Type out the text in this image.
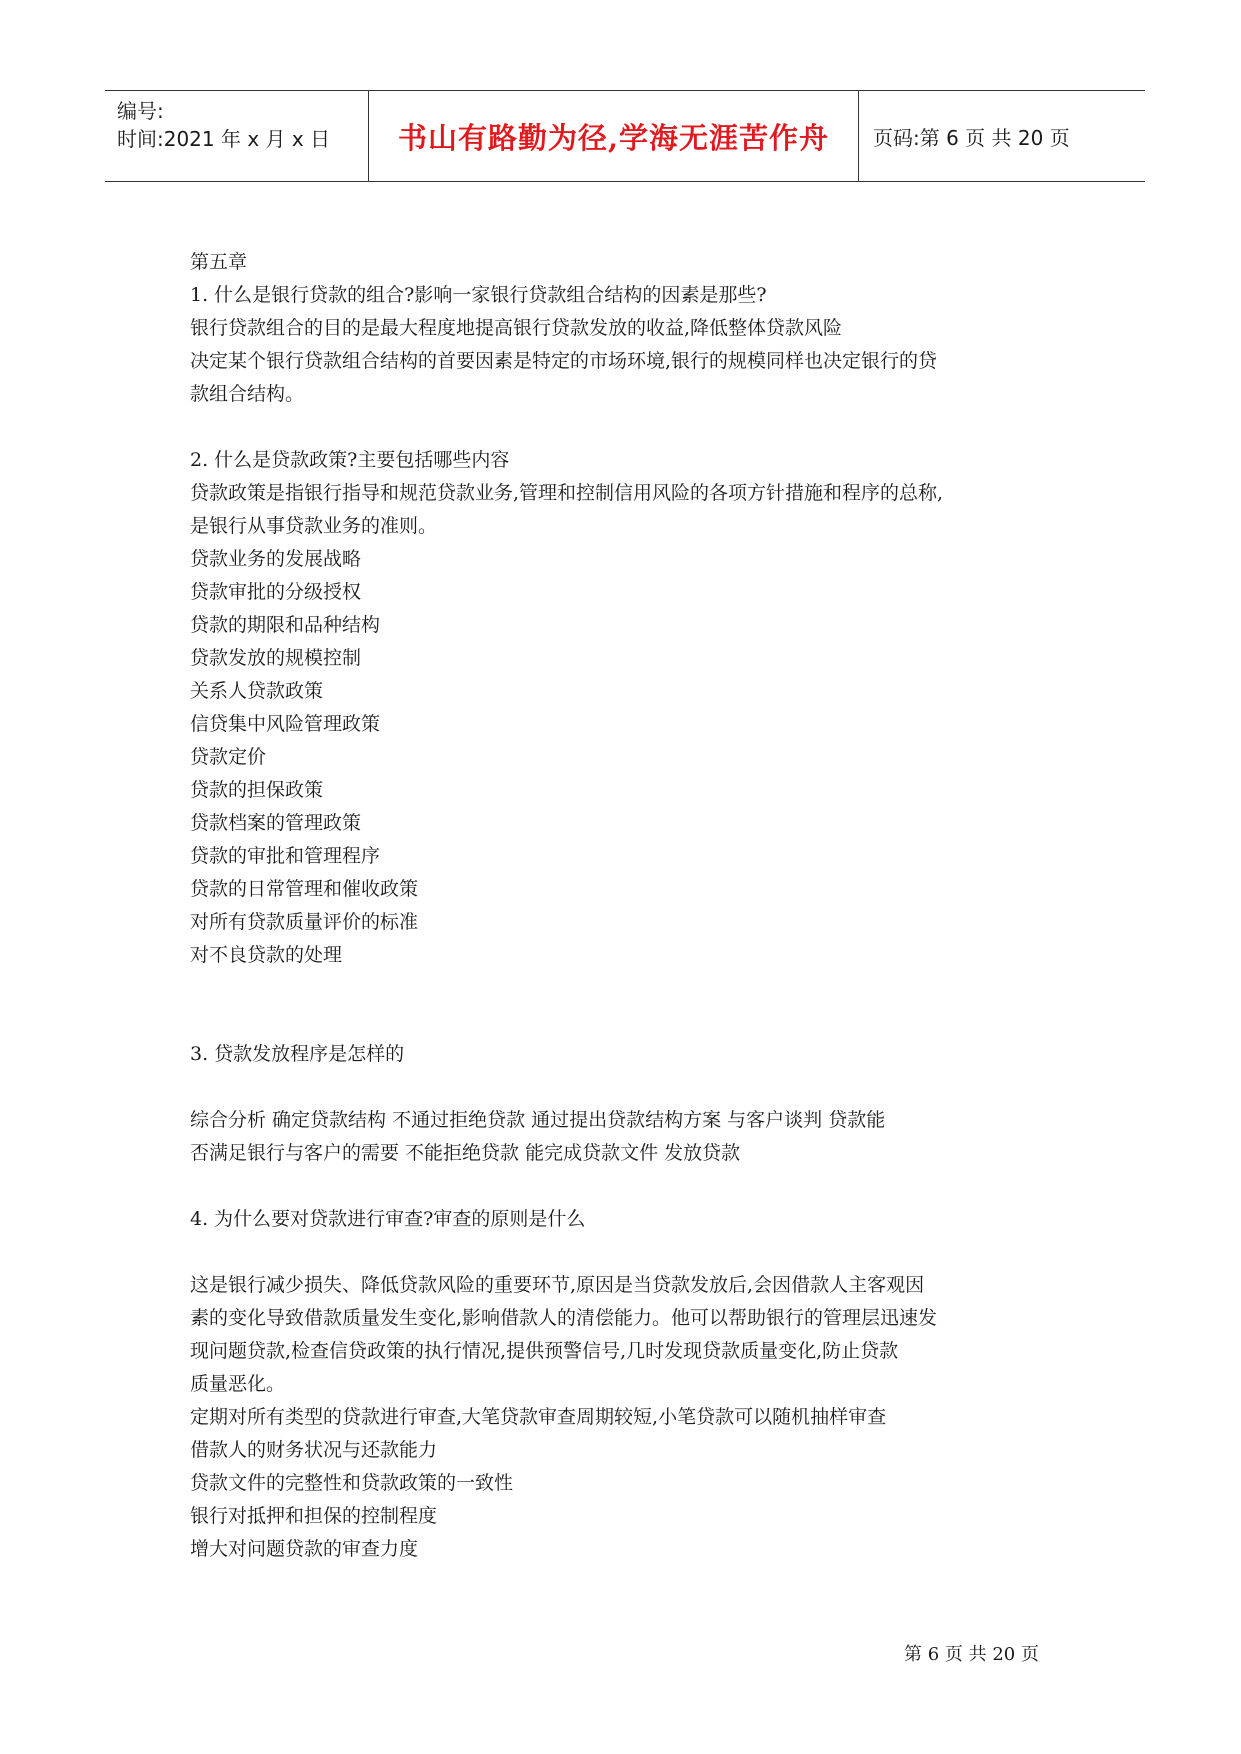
编号:
时间:2021 年 x 月 x 日 书山有路勤为径,学海无涯苦作舟 页码:第 6 页 共 20 页
第五章
1. 什么是银行贷款的组合?影响一家银行贷款组合结构的因素是那些?
银行贷款组合的目的是最大程度地提高银行贷款发放的收益,降低整体贷款风险
决定某个银行贷款组合结构的首要因素是特定的市场环境,银行的规模同样也决定银行的贷
款组合结构。
2. 什么是贷款政策?主要包括哪些内容
贷款政策是指银行指导和规范贷款业务,管理和控制信用风险的各项方针措施和程序的总称,
是银行从事贷款业务的准则。
贷款业务的发展战略
贷款审批的分级授权
贷款的期限和品种结构
贷款发放的规模控制
关系人贷款政策
信贷集中风险管理政策
贷款定价
贷款的担保政策
贷款档案的管理政策
贷款的审批和管理程序
贷款的日常管理和催收政策
对所有贷款质量评价的标准
对不良贷款的处理
3. 贷款发放程序是怎样的
综合分析 确定贷款结构 不通过拒绝贷款 通过提出贷款结构方案 与客户谈判 贷款能
否满足银行与客户的需要 不能拒绝贷款 能完成贷款文件 发放贷款
4. 为什么要对贷款进行审查?审查的原则是什么
这是银行减少损失、降低贷款风险的重要环节,原因是当贷款发放后,会因借款人主客观因
素的变化导致借款质量发生变化,影响借款人的清偿能力。他可以帮助银行的管理层迅速发
现问题贷款,检查信贷政策的执行情况,提供预警信号,几时发现贷款质量变化,防止贷款
质量恶化。
定期对所有类型的贷款进行审查,大笔贷款审查周期较短,小笔贷款可以随机抽样审查
借款人的财务状况与还款能力
贷款文件的完整性和贷款政策的一致性
银行对抵押和担保的控制程度
增大对问题贷款的审查力度
第 6 页 共 20 页
